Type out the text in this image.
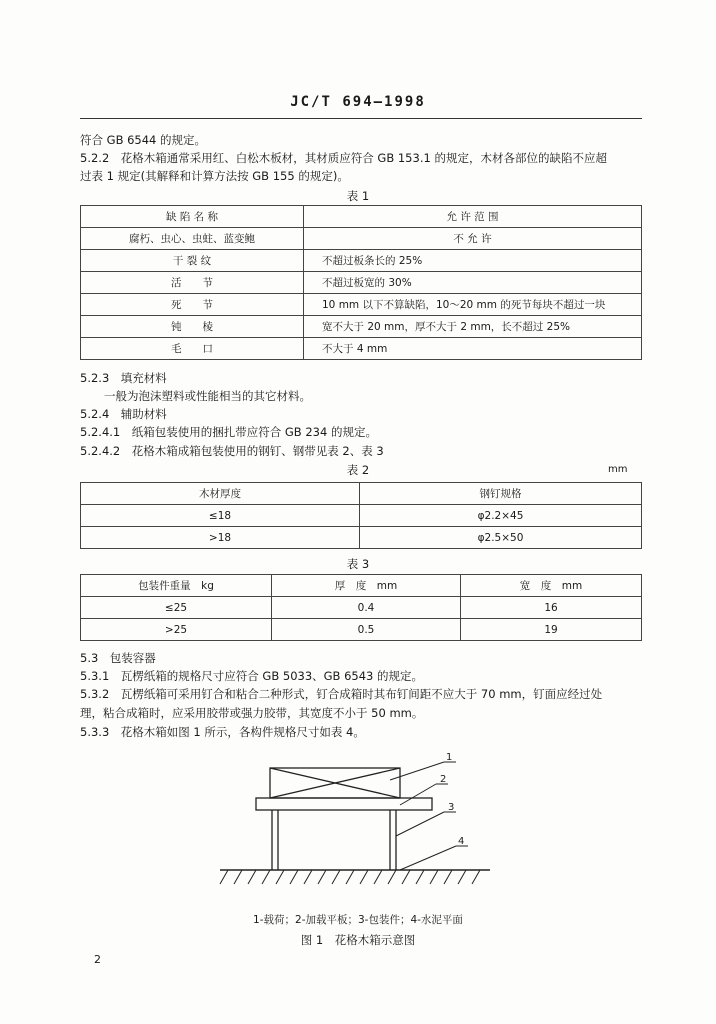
JC/T 694—1998
符合 GB 6544 的规定。
5.2.2　花格木箱通常采用红、白松木板材，其材质应符合 GB 153.1 的规定，木材各部位的缺陷不应超
过表 1 规定(其解释和计算方法按 GB 155 的规定)。
表 1
缺 陷 名 称	允 许 范 围
腐朽、虫心、虫蛀、蓝变鲍	不 允 许
干 裂 纹	不超过板条长的 25%
活　　节	不超过板宽的 30%
死　　节	10 mm 以下不算缺陷，10～20 mm 的死节每块不超过一块
钝　　棱	宽不大于 20 mm，厚不大于 2 mm，长不超过 25%
毛　　口	不大于 4 mm
5.2.3　填充材料
一般为泡沫塑料或性能相当的其它材料。
5.2.4　辅助材料
5.2.4.1　纸箱包装使用的捆扎带应符合 GB 234 的规定。
5.2.4.2　花格木箱成箱包装使用的钢钉、钢带见表 2、表 3
表 2	mm
木材厚度	钢钉规格
≤18	φ2.2×45
>18	φ2.5×50
表 3
包装件重量　kg	厚　度　mm	宽　度　mm
≤25	0.4	16
>25	0.5	19
5.3　包装容器
5.3.1　瓦楞纸箱的规格尺寸应符合 GB 5033、GB 6543 的规定。
5.3.2　瓦楞纸箱可采用钉合和粘合二种形式，钉合成箱时其布钉间距不应大于 70 mm，钉面应经过处
理，粘合成箱时，应采用胶带或强力胶带，其宽度不小于 50 mm。
5.3.3　花格木箱如图 1 所示，各构件规格尺寸如表 4。
1
2
3
4
1-载荷；2-加载平板；3-包装件；4-水泥平面
图 1　花格木箱示意图
2
